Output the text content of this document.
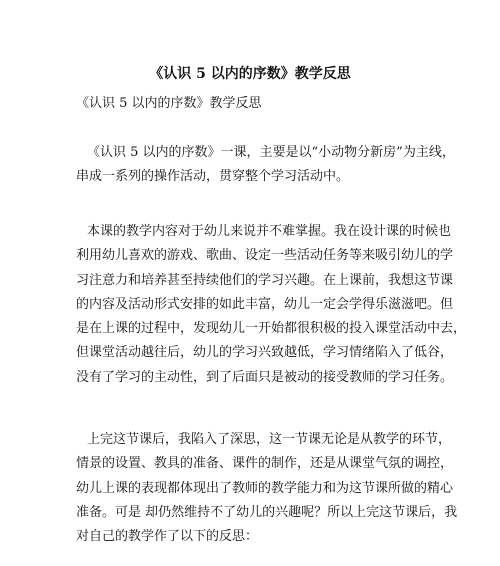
《认识 5 以内的序数》教学反思
《认识 5 以内的序数》教学反思
《认识 5 以内的序数》一课，主要是以“小动物分新房”为主线，
串成一系列的操作活动，贯穿整个学习活动中。
本课的教学内容对于幼儿来说并不难掌握。我在设计课的时候也
利用幼儿喜欢的游戏、歌曲、设定一些活动任务等来吸引幼儿的学
习注意力和培养甚至持续他们的学习兴趣。在上课前，我想这节课
的内容及活动形式安排的如此丰富，幼儿一定会学得乐滋滋吧。但
是在上课的过程中，发现幼儿一开始都很积极的投入课堂活动中去，
但课堂活动越往后，幼儿的学习兴致越低，学习情绪陷入了低谷，
没有了学习的主动性，到了后面只是被动的接受教师的学习任务。
上完这节课后，我陷入了深思，这一节课无论是从教学的环节，
情景的设置、教具的准备、课件的制作，还是从课堂气氛的调控，
幼儿上课的表现都体现出了教师的教学能力和为这节课所做的精心
准备。可是 却仍然维持不了幼儿的兴趣呢？所以上完这节课后，我
对自己的教学作了以下的反思：
